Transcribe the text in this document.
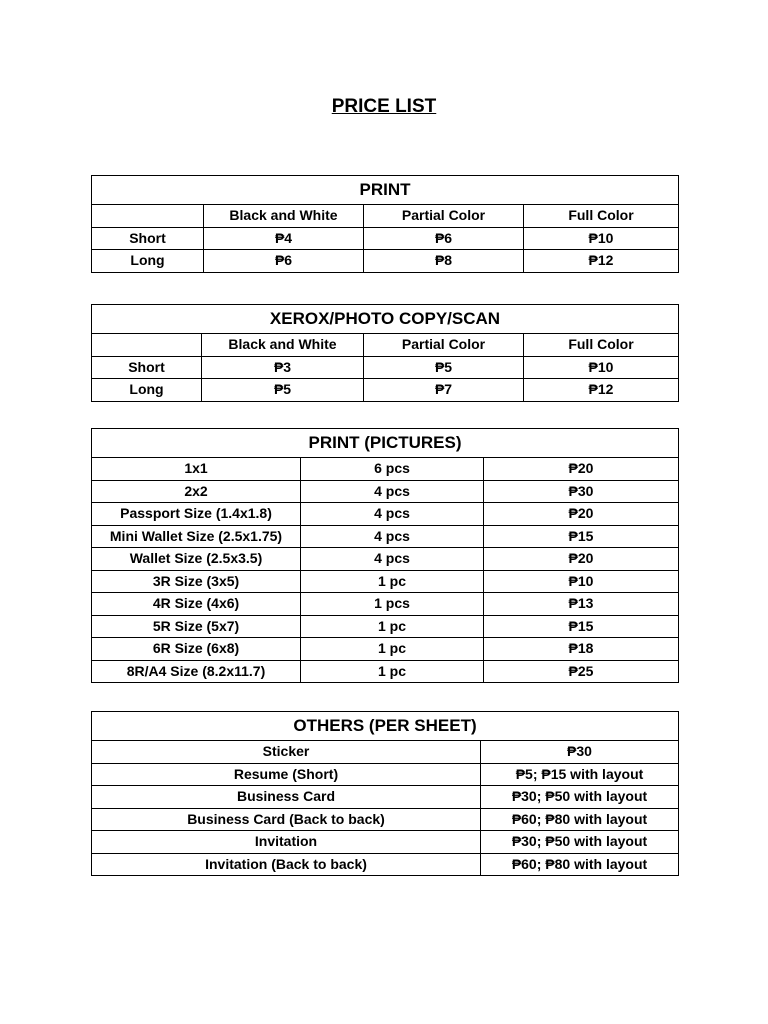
PRICE LIST
PRINT			
	Black and White	Partial Color	Full Color
Short	₱4	₱6	₱10
Long	₱6	₱8	₱12
XEROX/PHOTO COPY/SCAN			
	Black and White	Partial Color	Full Color
Short	₱3	₱5	₱10
Long	₱5	₱7	₱12
PRINT (PICTURES)		
1x1	6 pcs	₱20
2x2	4 pcs	₱30
Passport Size (1.4x1.8)	4 pcs	₱20
Mini Wallet Size (2.5x1.75)	4 pcs	₱15
Wallet Size (2.5x3.5)	4 pcs	₱20
3R Size (3x5)	1 pc	₱10
4R Size (4x6)	1 pcs	₱13
5R Size (5x7)	1 pc	₱15
6R Size (6x8)	1 pc	₱18
8R/A4 Size (8.2x11.7)	1 pc	₱25
OTHERS (PER SHEET)	
Sticker	₱30
Resume (Short)	₱5; ₱15 with layout
Business Card	₱30; ₱50 with layout
Business Card (Back to back)	₱60; ₱80 with layout
Invitation	₱30; ₱50 with layout
Invitation (Back to back)	₱60; ₱80 with layout
